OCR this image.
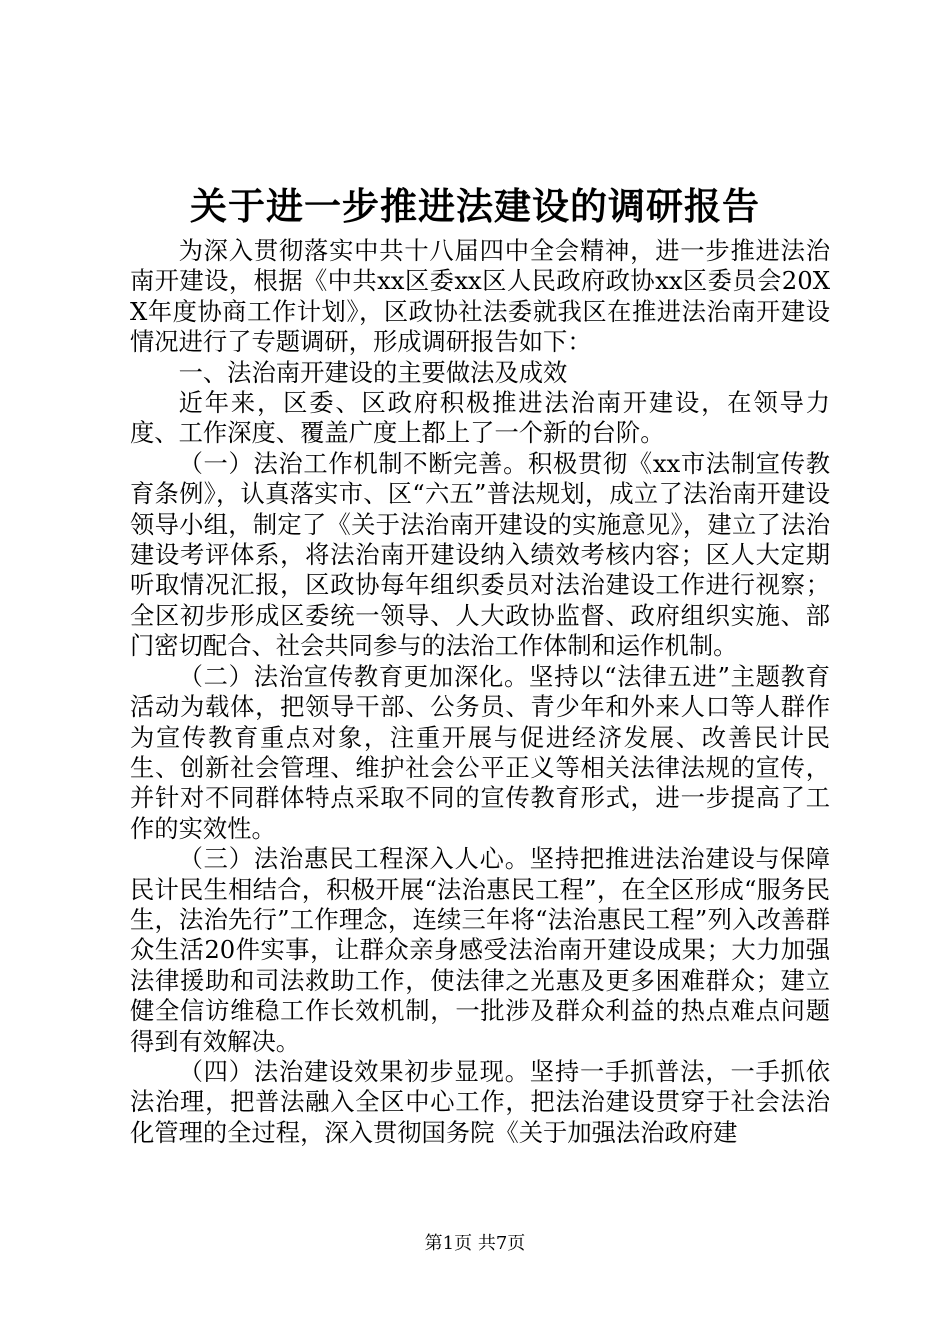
关于进一步推进法建设的调研报告

为深入贯彻落实中共十八届四中全会精神，进一步推进法治南开建设，根据《中共xx区委xx区人民政府政协xx区委员会20XX年度协商工作计划》，区政协社法委就我区在推进法治南开建设情况进行了专题调研，形成调研报告如下：

一、法治南开建设的主要做法及成效

近年来，区委、区政府积极推进法治南开建设，在领导力度、工作深度、覆盖广度上都上了一个新的台阶。

（一）法治工作机制不断完善。积极贯彻《xx市法制宣传教育条例》，认真落实市、区“六五”普法规划，成立了法治南开建设领导小组，制定了《关于法治南开建设的实施意见》，建立了法治建设考评体系，将法治南开建设纳入绩效考核内容；区人大定期听取情况汇报，区政协每年组织委员对法治建设工作进行视察；全区初步形成区委统一领导、人大政协监督、政府组织实施、部门密切配合、社会共同参与的法治工作体制和运作机制。

（二）法治宣传教育更加深化。坚持以“法律五进”主题教育活动为载体，把领导干部、公务员、青少年和外来人口等人群作为宣传教育重点对象，注重开展与促进经济发展、改善民计民生、创新社会管理、维护社会公平正义等相关法律法规的宣传，并针对不同群体特点采取不同的宣传教育形式，进一步提高了工作的实效性。

（三）法治惠民工程深入人心。坚持把推进法治建设与保障民计民生相结合，积极开展“法治惠民工程”，在全区形成“服务民生，法治先行”工作理念，连续三年将“法治惠民工程”列入改善群众生活20件实事，让群众亲身感受法治南开建设成果；大力加强法律援助和司法救助工作，使法律之光惠及更多困难群众；建立健全信访维稳工作长效机制，一批涉及群众利益的热点难点问题得到有效解决。

（四）法治建设效果初步显现。坚持一手抓普法，一手抓依法治理，把普法融入全区中心工作，把法治建设贯穿于社会法治化管理的全过程，深入贯彻国务院《关于加强法治政府建

第1页 共7页
